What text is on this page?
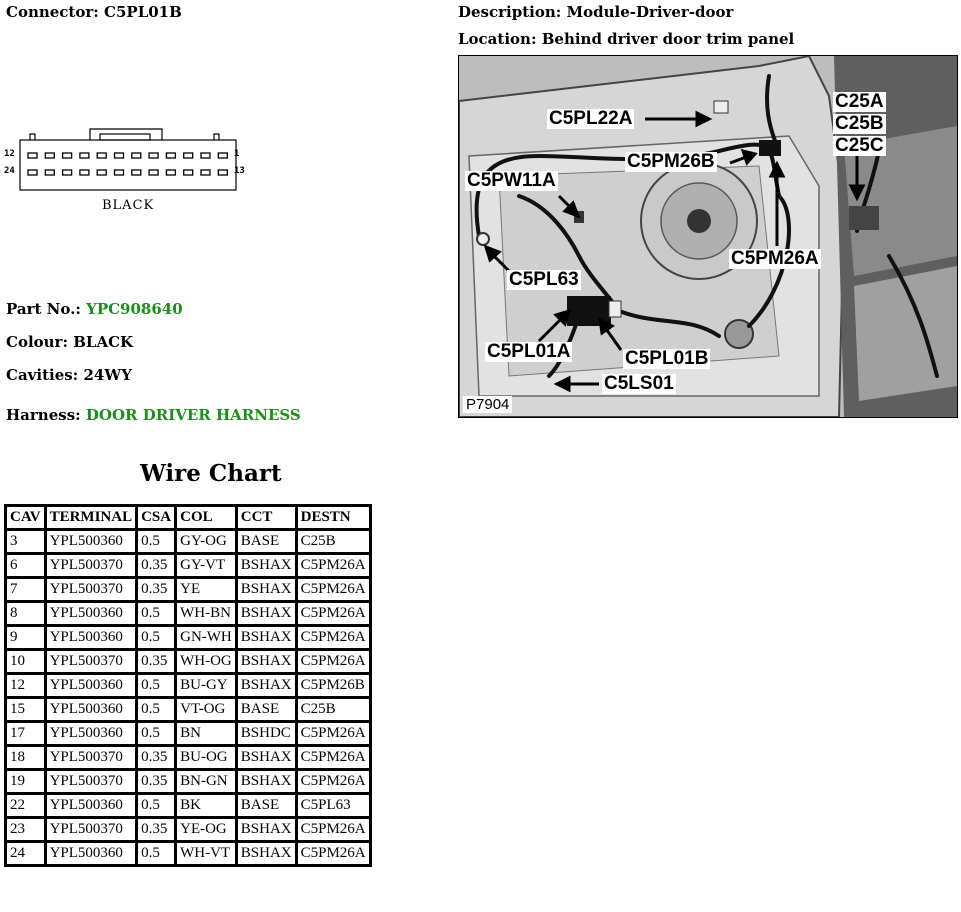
Connector: C5PL01B	Description: Module-Driver-door
Location: Behind driver door trim panel
12
24
1
13
BLACK
Part No.: YPC908640
Colour: BLACK
Cavities: 24WY
Harness: DOOR DRIVER HARNESS
C5PL22A
C5PM26B
C5PW11A
C5PM26A
C5PL63
C5PL01A	C5PL01B
C5LS01
C25A
C25B
C25C
P7904
Wire Chart
CAV	TERMINAL	CSA	COL	CCT	DESTN
3	YPL500360	0.5	GY-OG	BASE	C25B
6	YPL500370	0.35	GY-VT	BSHAX	C5PM26A
7	YPL500370	0.35	YE	BSHAX	C5PM26A
8	YPL500360	0.5	WH-BN	BSHAX	C5PM26A
9	YPL500360	0.5	GN-WH	BSHAX	C5PM26A
10	YPL500370	0.35	WH-OG	BSHAX	C5PM26A
12	YPL500360	0.5	BU-GY	BSHAX	C5PM26B
15	YPL500360	0.5	VT-OG	BASE	C25B
17	YPL500360	0.5	BN	BSHDC	C5PM26A
18	YPL500370	0.35	BU-OG	BSHAX	C5PM26A
19	YPL500370	0.35	BN-GN	BSHAX	C5PM26A
22	YPL500360	0.5	BK	BASE	C5PL63
23	YPL500370	0.35	YE-OG	BSHAX	C5PM26A
24	YPL500360	0.5	WH-VT	BSHAX	C5PM26A
